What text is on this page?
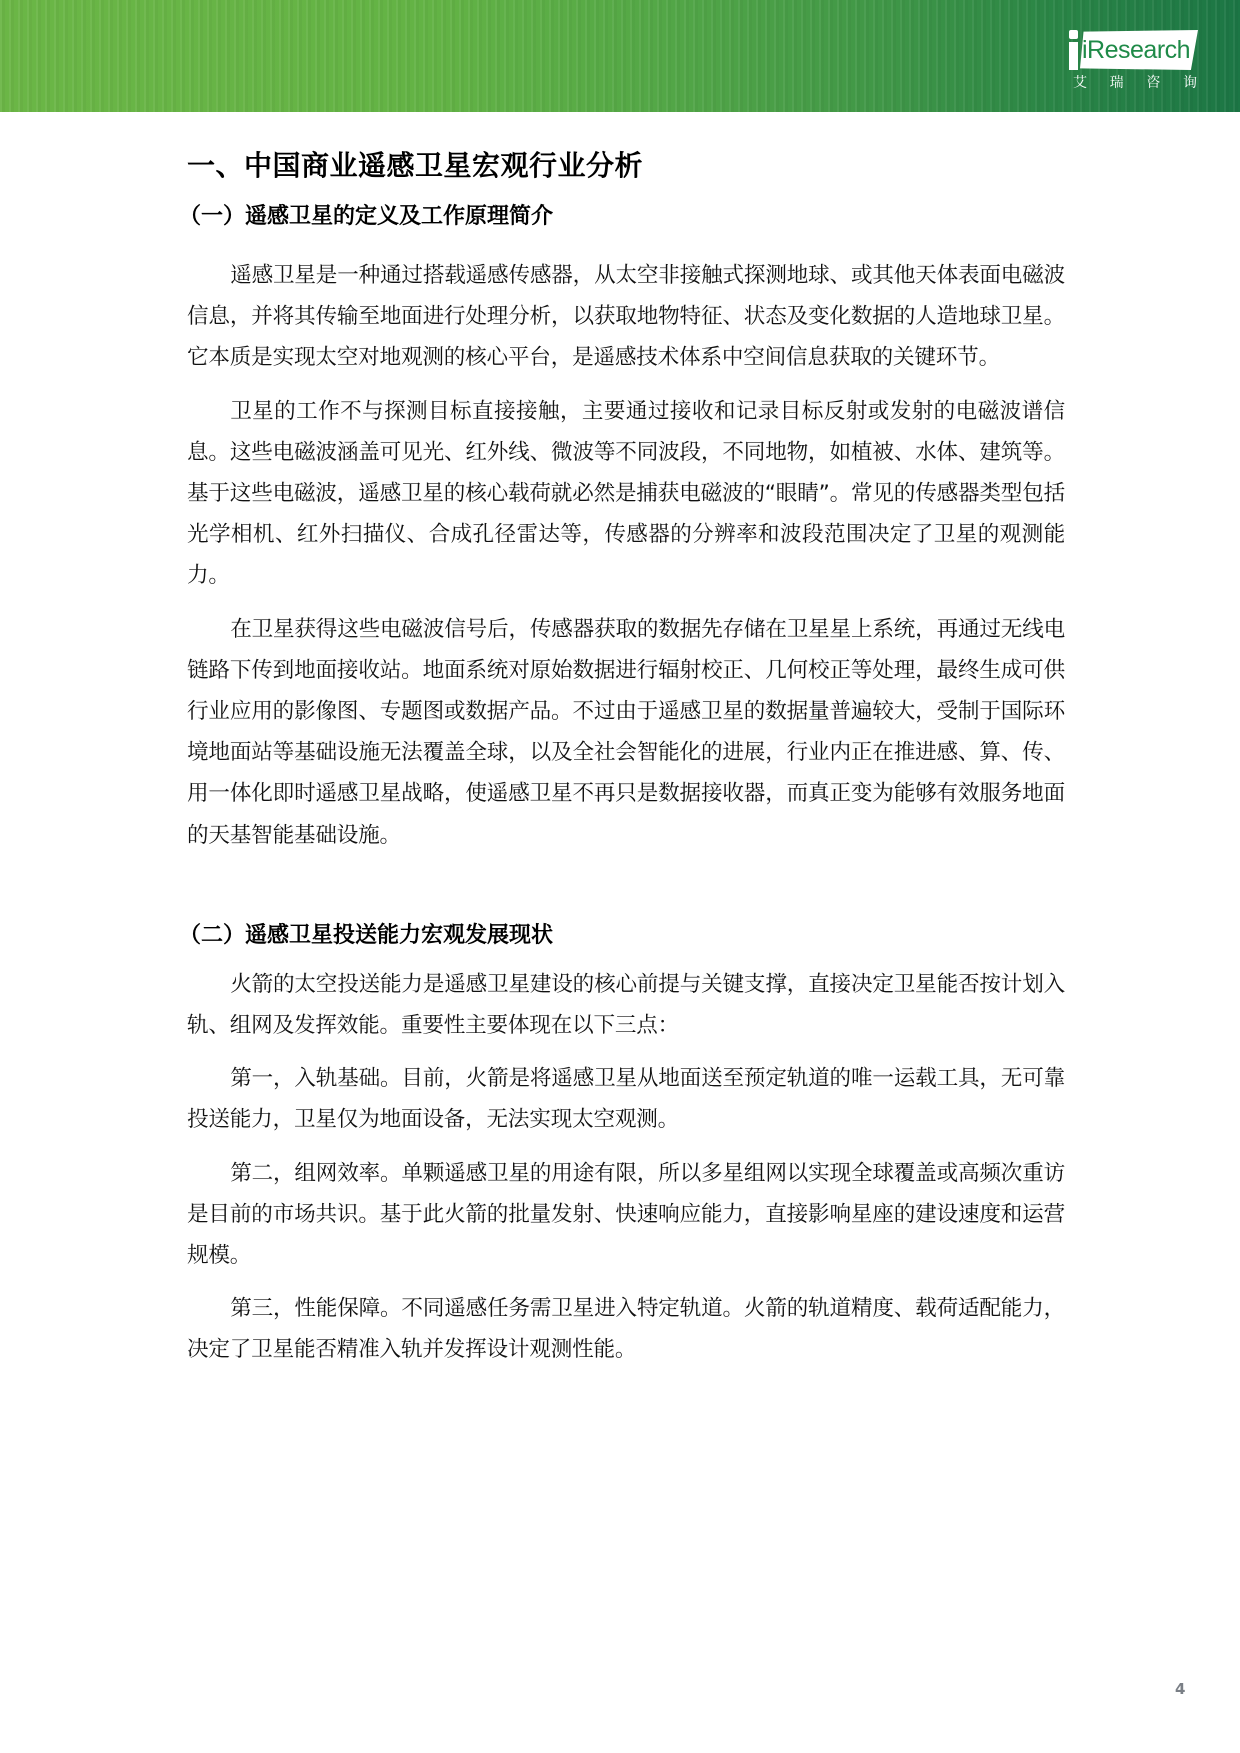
iResearch
艾 瑞 咨 询
一、中国商业遥感卫星宏观行业分析
（一）遥感卫星的定义及工作原理简介

遥感卫星是一种通过搭载遥感传感器，从太空非接触式探测地球、或其他天体表面电磁波信息，并将其传输至地面进行处理分析，以获取地物特征、状态及变化数据的人造地球卫星。它本质是实现太空对地观测的核心平台，是遥感技术体系中空间信息获取的关键环节。

卫星的工作不与探测目标直接接触，主要通过接收和记录目标反射或发射的电磁波谱信息。这些电磁波涵盖可见光、红外线、微波等不同波段，不同地物，如植被、水体、建筑等。基于这些电磁波，遥感卫星的核心载荷就必然是捕获电磁波的“眼睛”。常见的传感器类型包括光学相机、红外扫描仪、合成孔径雷达等，传感器的分辨率和波段范围决定了卫星的观测能力。

在卫星获得这些电磁波信号后，传感器获取的数据先存储在卫星星上系统，再通过无线电链路下传到地面接收站。地面系统对原始数据进行辐射校正、几何校正等处理，最终生成可供行业应用的影像图、专题图或数据产品。不过由于遥感卫星的数据量普遍较大，受制于国际环境地面站等基础设施无法覆盖全球，以及全社会智能化的进展，行业内正在推进感、算、传、用一体化即时遥感卫星战略，使遥感卫星不再只是数据接收器，而真正变为能够有效服务地面的天基智能基础设施。

（二）遥感卫星投送能力宏观发展现状

火箭的太空投送能力是遥感卫星建设的核心前提与关键支撑，直接决定卫星能否按计划入轨、组网及发挥效能。重要性主要体现在以下三点：

第一，入轨基础。目前，火箭是将遥感卫星从地面送至预定轨道的唯一运载工具，无可靠投送能力，卫星仅为地面设备，无法实现太空观测。

第二，组网效率。单颗遥感卫星的用途有限，所以多星组网以实现全球覆盖或高频次重访是目前的市场共识。基于此火箭的批量发射、快速响应能力，直接影响星座的建设速度和运营规模。

第三，性能保障。不同遥感任务需卫星进入特定轨道。火箭的轨道精度、载荷适配能力，决定了卫星能否精准入轨并发挥设计观测性能。

4
